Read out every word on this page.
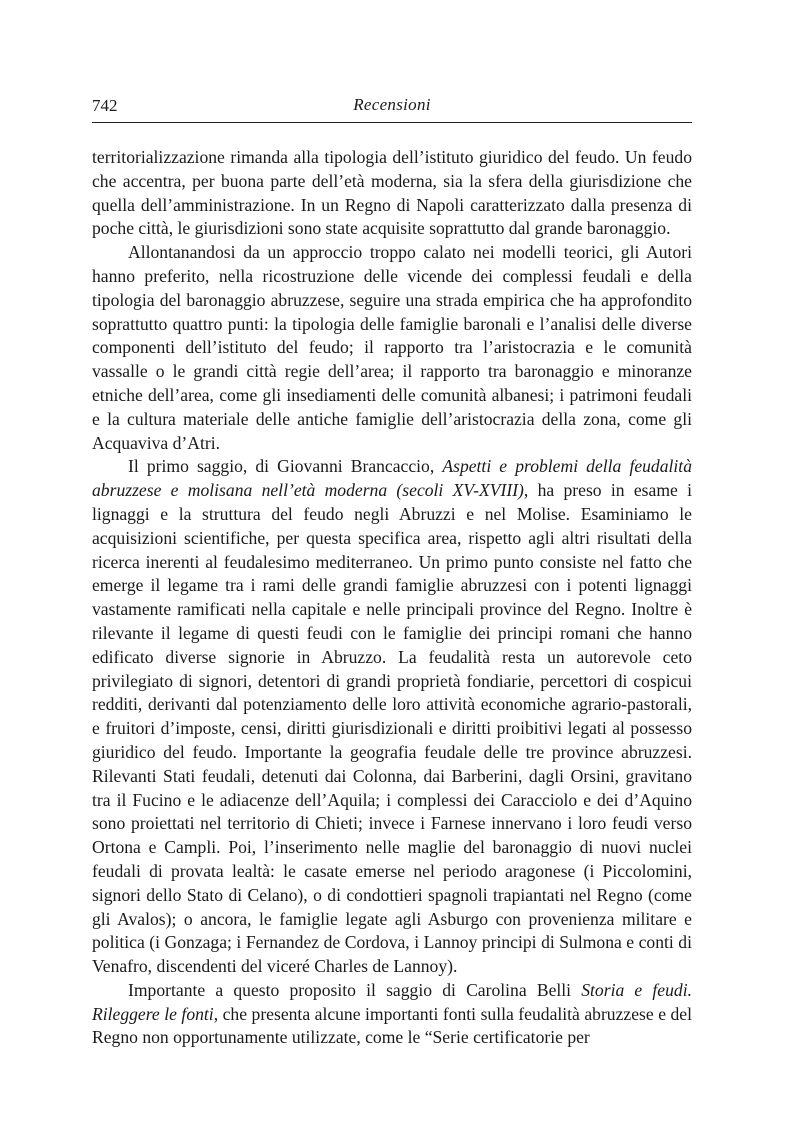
742	Recensioni

territorializzazione rimanda alla tipologia dell’istituto giuridico del feudo. Un feudo che accentra, per buona parte dell’età moderna, sia la sfera della giurisdizione che quella dell’amministrazione. In un Regno di Napoli caratterizzato dalla presenza di poche città, le giurisdizioni sono state acquisite soprattutto dal grande baronaggio.

Allontanandosi da un approccio troppo calato nei modelli teorici, gli Autori hanno preferito, nella ricostruzione delle vicende dei complessi feudali e della tipologia del baronaggio abruzzese, seguire una strada empirica che ha approfondito soprattutto quattro punti: la tipologia delle famiglie baronali e l’analisi delle diverse componenti dell’istituto del feudo; il rapporto tra l’aristocrazia e le comunità vassalle o le grandi città regie dell’area; il rapporto tra baronaggio e minoranze etniche dell’area, come gli insediamenti delle comunità albanesi; i patrimoni feudali e la cultura materiale delle antiche famiglie dell’aristocrazia della zona, come gli Acquaviva d’Atri.

Il primo saggio, di Giovanni Brancaccio, Aspetti e problemi della feudalità abruzzese e molisana nell’età moderna (secoli XV-XVIII), ha preso in esame i lignaggi e la struttura del feudo negli Abruzzi e nel Molise. Esaminiamo le acquisizioni scientifiche, per questa specifica area, rispetto agli altri risultati della ricerca inerenti al feudalesimo mediterraneo. Un primo punto consiste nel fatto che emerge il legame tra i rami delle grandi famiglie abruzzesi con i potenti lignaggi vastamente ramificati nella capitale e nelle principali province del Regno. Inoltre è rilevante il legame di questi feudi con le famiglie dei principi romani che hanno edificato diverse signorie in Abruzzo. La feudalità resta un autorevole ceto privilegiato di signori, detentori di grandi proprietà fondiarie, percettori di cospicui redditi, derivanti dal potenziamento delle loro attività economiche agrario-pastorali, e fruitori d’imposte, censi, diritti giurisdizionali e diritti proibitivi legati al possesso giuridico del feudo. Importante la geografia feudale delle tre province abruzzesi. Rilevanti Stati feudali, detenuti dai Colonna, dai Barberini, dagli Orsini, gravitano tra il Fucino e le adiacenze dell’Aquila; i complessi dei Caracciolo e dei d’Aquino sono proiettati nel territorio di Chieti; invece i Farnese innervano i loro feudi verso Ortona e Campli. Poi, l’inserimento nelle maglie del baronaggio di nuovi nuclei feudali di provata lealtà: le casate emerse nel periodo aragonese (i Piccolomini, signori dello Stato di Celano), o di condottieri spagnoli trapiantati nel Regno (come gli Avalos); o ancora, le famiglie legate agli Asburgo con provenienza militare e politica (i Gonzaga; i Fernandez de Cordova, i Lannoy principi di Sulmona e conti di Venafro, discendenti del viceré Charles de Lannoy).

Importante a questo proposito il saggio di Carolina Belli Storia e feudi. Rileggere le fonti, che presenta alcune importanti fonti sulla feudalità abruzzese e del Regno non opportunamente utilizzate, come le “Serie certificatorie per
